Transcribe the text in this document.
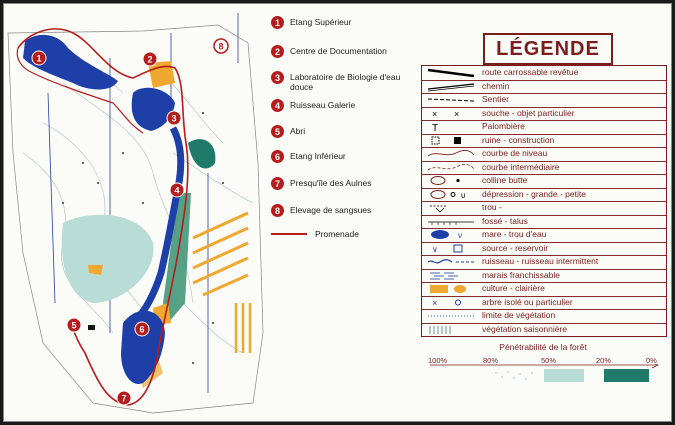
1	2
3
4
5	6
7
8
1	Etang Supérieur
2	Centre de Documentation
3	Laboratoire de Biologie d'eau douce
4	Ruisseau Galerie
5	Abri
6	Etang Inférieur
7	Presqu'île des Aulnes
8	Elevage de sangsues
Promenade
LÉGENDE
route carrossable revêtue
chemin
Sentier
× ×	souche - objet particulier
T	Palombière
ruine - construction
courbe de niveau
courbe intermédiaire
colline butte
υ dépression - grande - petite
trou -
fossé - talus
ν mare - trou d'eau
∨	source - reservoir
ruisseau - ruisseau intermittent
marais franchissable
culture - clairière
×	arbre isolé ou particulier
limite de végétation
végétation saisonnière
Pénétrabilité de la forêt
100%	80%	50%	20%	0%
